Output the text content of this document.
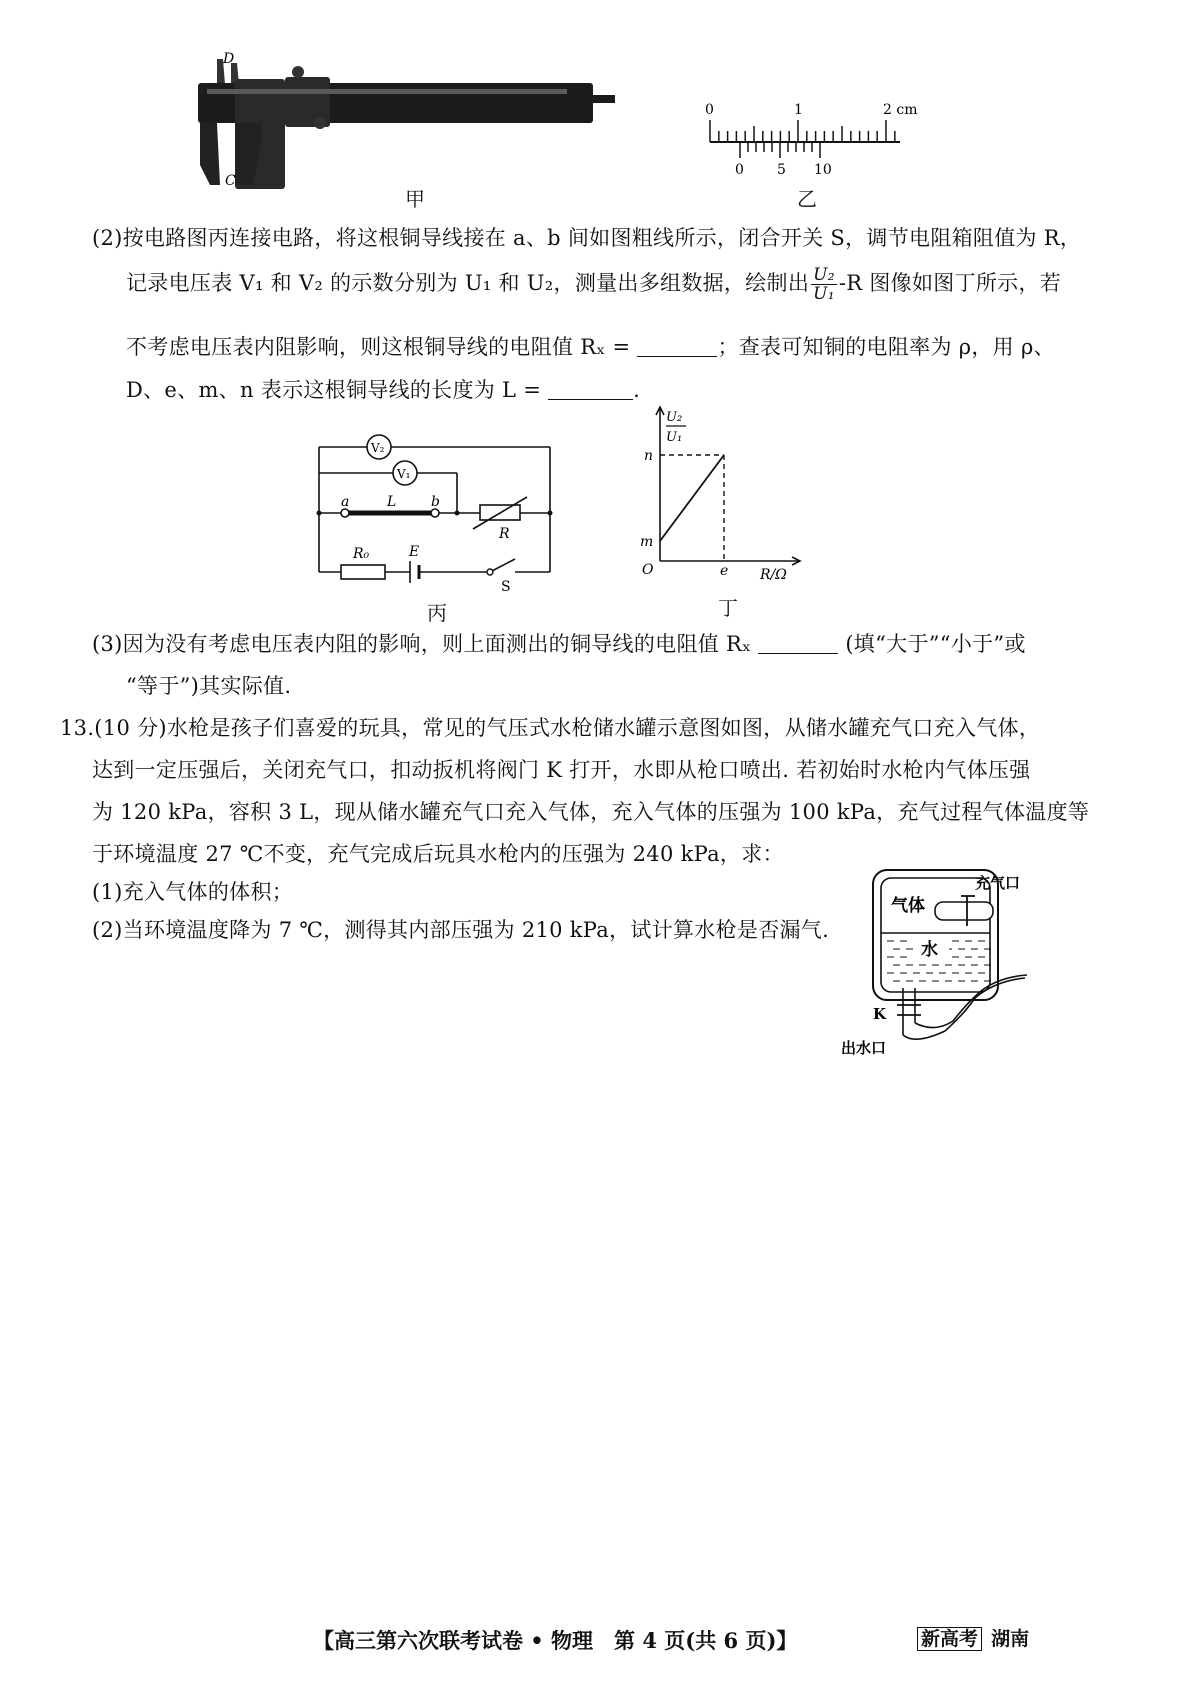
D
C
甲
0	1	2 cm
0 5 10
乙
(2)按电路图丙连接电路，将这根铜导线接在 a、b 间如图粗线所示，闭合开关 S，调节电阻箱阻值为 R，
记录电压表 V₁ 和 V₂ 的示数分别为 U₁ 和 U₂，测量出多组数据，绘制出 $\frac{\text{U₂}}{\text{U₁}} -R$ 图像如图丁所示，若
不考虑电压表内阻影响，则这根铜导线的电阻值 Rₓ =	；查表可知铜的电阻率为 ρ，用 ρ、
D、e、m、n 表示这根铜导线的长度为 L =	.
V₂
V₁
a	L b
R
R₀	E
S
丙
U₂
U₁
n
m
O	e R/Ω
丁
(3)因为没有考虑电压表内阻的影响，则上面测出的铜导线的电阻值 Rₓ	(填“大于”“小于”或
“等于”)其实际值.
13.(10 分)水枪是孩子们喜爱的玩具，常见的气压式水枪储水罐示意图如图，从储水罐充气口充入气体，
达到一定压强后，关闭充气口，扣动扳机将阀门 K 打开，水即从枪口喷出. 若初始时水枪内气体压强
为 120 kPa，容积 3 L，现从储水罐充气口充入气体，充入气体的压强为 100 kPa，充气过程气体温度等
于环境温度 27 ℃不变，充气完成后玩具水枪内的压强为 240 kPa，求：
(1)充入气体的体积；
(2)当环境温度降为 7 ℃，测得其内部压强为 210 kPa，试计算水枪是否漏气.
气体
水
充气口
K
出水口
【高三第六次联考试卷 • 物理　第 4 页(共 6 页)】	新高考 湖南
